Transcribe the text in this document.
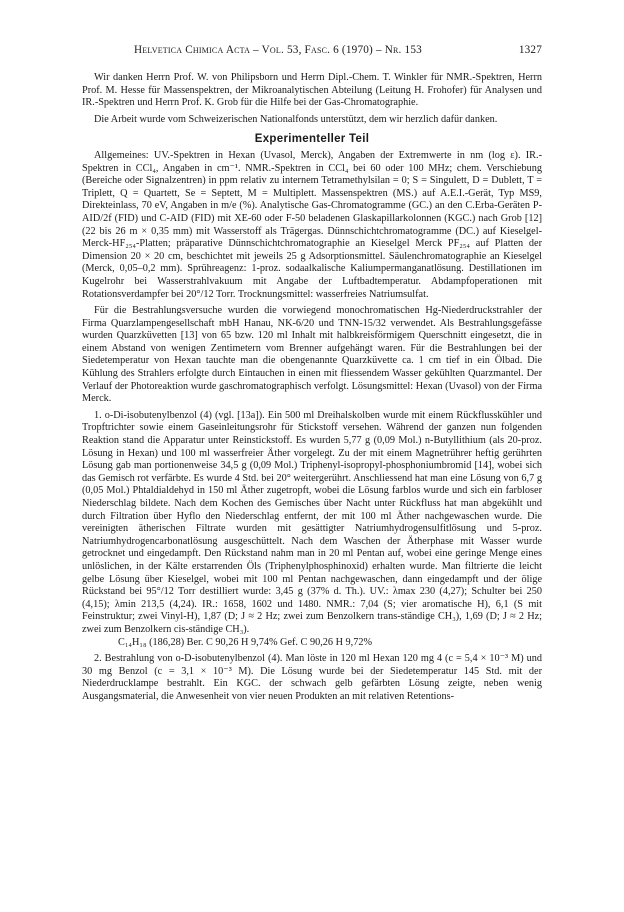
Helvetica Chimica Acta – Vol. 53, Fasc. 6 (1970) – Nr. 153	1327

Wir danken Herrn Prof. W. von Philipsborn und Herrn Dipl.-Chem. T. Winkler für NMR.-Spektren, Herrn Prof. M. Hesse für Massenspektren, der Mikroanalytischen Abteilung (Leitung H. Frohofer) für Analysen und IR.-Spektren und Herrn Prof. K. Grob für die Hilfe bei der Gas-Chromatographie.

Die Arbeit wurde vom Schweizerischen Nationalfonds unterstützt, dem wir herzlich dafür danken.

Experimenteller Teil

Allgemeines: UV.-Spektren in Hexan (Uvasol, Merck), Angaben der Extremwerte in nm (log ε). IR.-Spektren in CCl₄, Angaben in cm⁻¹. NMR.-Spektren in CCl₄ bei 60 oder 100 MHz; chem. Verschiebung (Bereiche oder Signalzentren) in ppm relativ zu internem Tetramethylsilan = 0; S = Singulett, D = Dublett, T = Triplett, Q = Quartett, Se = Septett, M = Multiplett. Massenspektren (MS.) auf A.E.I.-Gerät, Typ MS9, Direkteinlass, 70 eV, Angaben in m/e (%). Analytische Gas-Chromatogramme (GC.) an den C.Erba-Geräten P-AID/2f (FID) und C-AID (FID) mit XE-60 oder F-50 beladenen Glaskapillarkolonnen (KGC.) nach Grob [12] (22 bis 26 m × 0,35 mm) mit Wasserstoff als Trägergas. Dünnschichtchromatogramme (DC.) auf Kieselgel-Merck-HF₂₅₄-Platten; präparative Dünnschichtchromatographie an Kieselgel Merck PF₂₅₄ auf Platten der Dimension 20 × 20 cm, beschichtet mit jeweils 25 g Adsorptionsmittel. Säulenchromatographie an Kieselgel (Merck, 0,05–0,2 mm). Sprühreagenz: 1-proz. sodaalkalische Kaliumpermanganatlösung. Destillationen im Kugelrohr bei Wasserstrahlvakuum mit Angabe der Luftbadtemperatur. Abdampfoperationen mit Rotationsverdampfer bei 20°/12 Torr. Trocknungsmittel: wasserfreies Natriumsulfat.

Für die Bestrahlungsversuche wurden die vorwiegend monochromatischen Hg-Niederdruckstrahler der Firma Quarzlampengesellschaft mbH Hanau, NK-6/20 und TNN-15/32 verwendet. Als Bestrahlungsgefässe wurden Quarzküvetten [13] von 65 bzw. 120 ml Inhalt mit halbkreisförmigem Querschnitt eingesetzt, die in einem Abstand von wenigen Zentimetern vom Brenner aufgehängt waren. Für die Bestrahlungen bei der Siedetemperatur von Hexan tauchte man die obengenannte Quarzküvette ca. 1 cm tief in ein Ölbad. Die Kühlung des Strahlers erfolgte durch Eintauchen in einen mit fliessendem Wasser gekühlten Quarzmantel. Der Verlauf der Photoreaktion wurde gaschromatographisch verfolgt. Lösungsmittel: Hexan (Uvasol) von der Firma Merck.

1. o-Di-isobutenylbenzol (4) (vgl. [13a]). Ein 500 ml Dreihalskolben wurde mit einem Rückflusskühler und Tropftrichter sowie einem Gaseinleitungsrohr für Stickstoff versehen. Während der ganzen nun folgenden Reaktion stand die Apparatur unter Reinstickstoff. Es wurden 5,77 g (0,09 Mol.) n-Butyllithium (als 20-proz. Lösung in Hexan) und 100 ml wasserfreier Äther vorgelegt. Zu der mit einem Magnetrührer heftig gerührten Lösung gab man portionenweise 34,5 g (0,09 Mol.) Triphenyl-isopropyl-phosphoniumbromid [14], wobei sich das Gemisch rot verfärbte. Es wurde 4 Std. bei 20° weitergerührt. Anschliessend hat man eine Lösung von 6,7 g (0,05 Mol.) Phtaldialdehyd in 150 ml Äther zugetropft, wobei die Lösung farblos wurde und sich ein farbloser Niederschlag bildete. Nach dem Kochen des Gemisches über Nacht unter Rückfluss hat man abgekühlt und durch Filtration über Hyflo den Niederschlag entfernt, der mit 100 ml Äther nachgewaschen wurde. Die vereinigten ätherischen Filtrate wurden mit gesättigter Natriumhydrogensulfitlösung und 5-proz. Natriumhydrogencarbonatlösung ausgeschüttelt. Nach dem Waschen der Ätherphase mit Wasser wurde getrocknet und eingedampft. Den Rückstand nahm man in 20 ml Pentan auf, wobei eine geringe Menge eines unlöslichen, in der Kälte erstarrenden Öls (Triphenylphosphinoxid) erhalten wurde. Man filtrierte die leicht gelbe Lösung über Kieselgel, wobei mit 100 ml Pentan nachgewaschen, dann eingedampft und der ölige Rückstand bei 95°/12 Torr destilliert wurde: 3,45 g (37% d. Th.). UV.: λmax 230 (4,27); Schulter bei 250 (4,15); λmin 213,5 (4,24). IR.: 1658, 1602 und 1480. NMR.: 7,04 (S; vier aromatische H), 6,1 (S mit Feinstruktur; zwei Vinyl-H), 1,87 (D; J ≈ 2 Hz; zwei zum Benzolkern trans-ständige CH₃), 1,69 (D; J ≈ 2 Hz; zwei zum Benzolkern cis-ständige CH₃).

C₁₄H₁₈ (186,28) Ber. C 90,26 H 9,74% Gef. C 90,26 H 9,72%

2. Bestrahlung von o-D-isobutenylbenzol (4). Man löste in 120 ml Hexan 120 mg 4 (c = 5,4 × 10⁻³ M) und 30 mg Benzol (c = 3,1 × 10⁻³ M). Die Lösung wurde bei der Siedetemperatur 145 Std. mit der Niederdrucklampe bestrahlt. Ein KGC. der schwach gelb gefärbten Lösung zeigte, neben wenig Ausgangsmaterial, die Anwesenheit von vier neuen Produkten an mit relativen Retentions-
